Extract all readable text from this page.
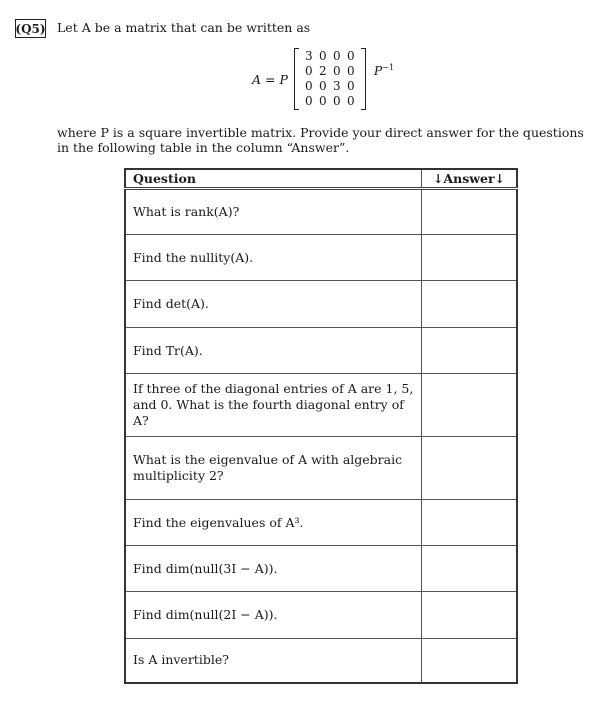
(Q5) Let A be a matrix that can be written as
A = P
3 0 0 0
0 2 0 0
0 0 3 0
0 0 0 0
$P^{-1}$
where P is a square invertible matrix. Provide your direct answer for the questions in the following table in the column “Answer”.
Question	↓Answer↓
What is rank(A)?	
Find the nullity(A).	
Find det(A).	
Find Tr(A).	
If three of the diagonal entries of A are 1, 5, and 0. What is the fourth diagonal entry of A?	
What is the eigenvalue of A with algebraic multiplicity 2?	
Find the eigenvalues of A³.	
Find dim(null(3I − A)).	
Find dim(null(2I − A)).	
Is A invertible?	
